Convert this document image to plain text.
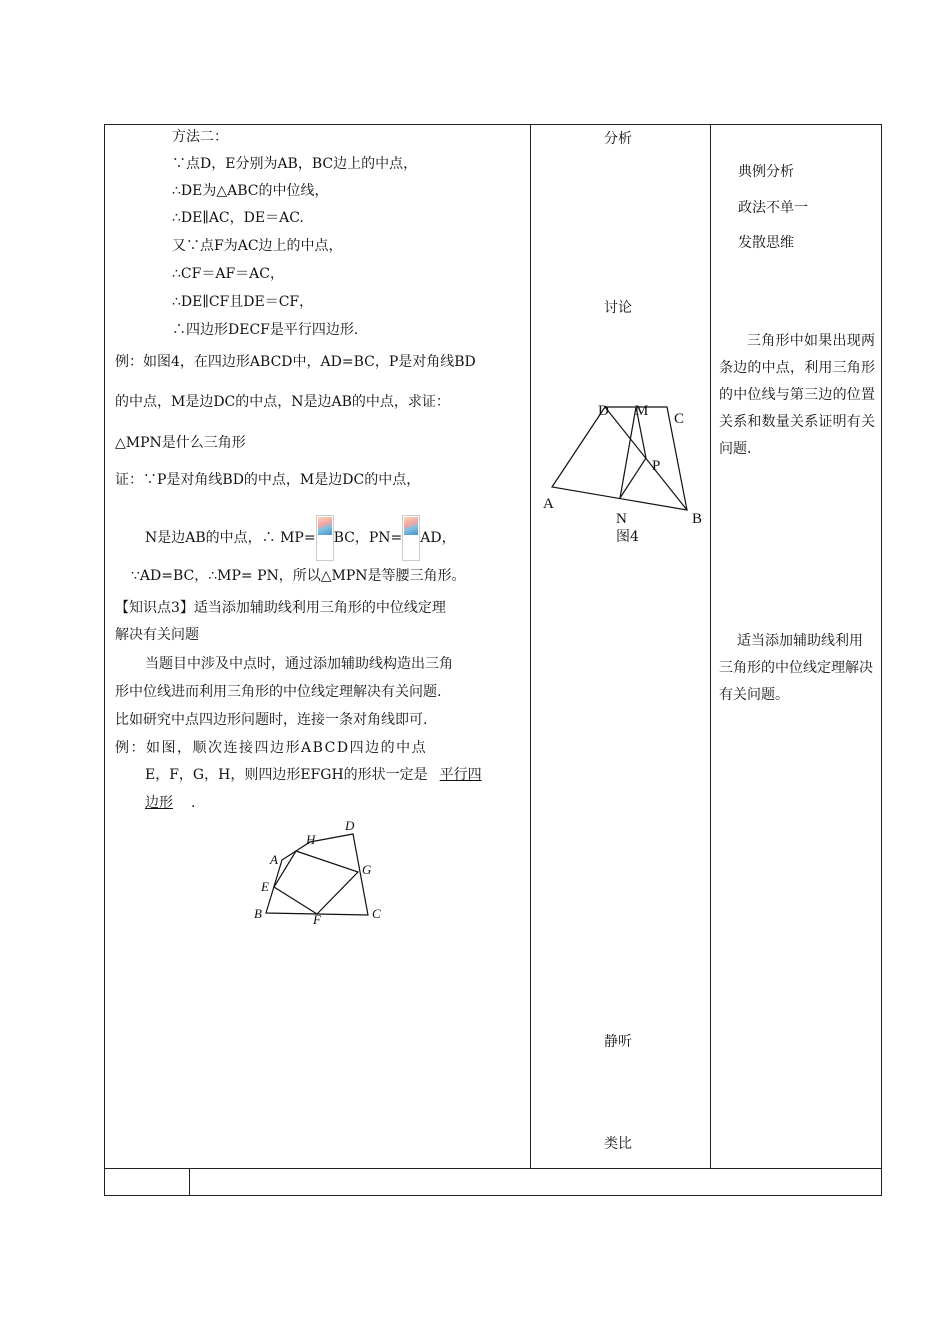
方法二：
∵点D，E分别为AB，BC边上的中点，
∴DE为△ABC的中位线，
∴DE∥AC，DE＝AC.
又∵点F为AC边上的中点，
∴CF＝AF＝AC，
∴DE∥CF且DE＝CF，
∴四边形DECF是平行四边形.
例：如图4，在四边形ABCD中，AD=BC，P是对角线BD
的中点，M是边DC的中点，N是边AB的中点，求证：
△MPN是什么三角形
证：∵P是对角线BD的中点，M是边DC的中点，
N是边AB的中点，∴ MP= BC，PN= AD，
∵AD=BC，∴MP= PN，所以△MPN是等腰三角形。
【知识点3】适当添加辅助线利用三角形的中位线定理
解决有关问题
当题目中涉及中点时，通过添加辅助线构造出三角
形中位线进而利用三角形的中位线定理解决有关问题.
比如研究中点四边形问题时，连接一条对角线即可.
例：如图，顺次连接四边形ABCD四边的中点
E，F，G，H，则四边形EFGH的形状一定是 平行四
边形 .
A
B	C
D
E
F
G
H
分析
讨论
D M C
P
A
N	B
图4
静听
类比
典例分析
政法不单一
发散思维
三角形中如果出现两条边的中点，利用三角形的中位线与第三边的位置关系和数量关系证明有关问题.
适当添加辅助线利用三角形的中位线定理解决有关问题。
